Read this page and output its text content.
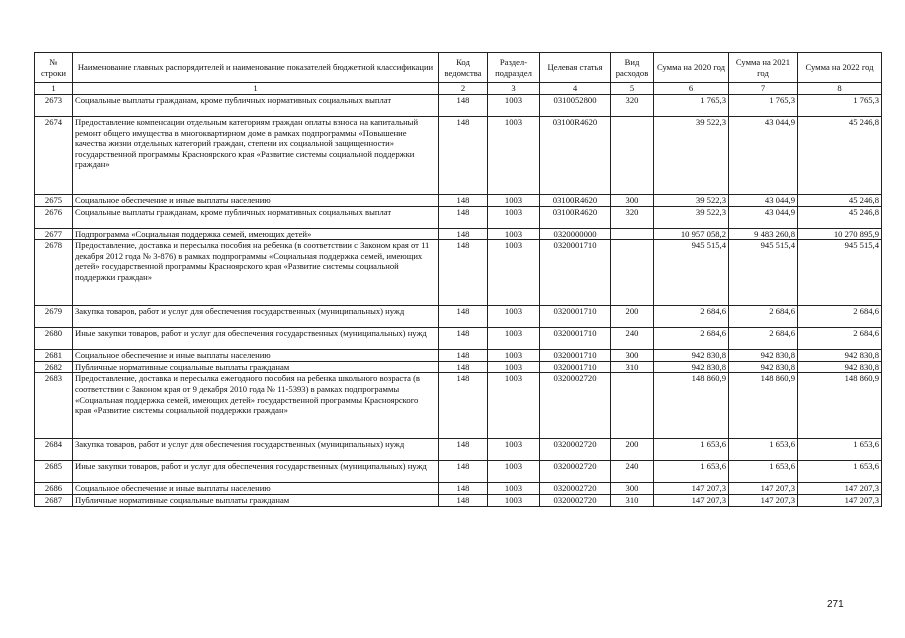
№ строки	Наименование главных распорядителей и наименование показателей бюджетной классификации	Код ведомства	Раздел-подраздел	Целевая статья	Вид расходов	Сумма на 2020 год	Сумма на 2021 год	Сумма на 2022 год
1	1	2	3	4	5	6	7	8
2673	Социальные выплаты гражданам, кроме публичных нормативных социальных выплат	148	1003	0310052800	320	1 765,3	1 765,3	1 765,3
2674	Предоставление компенсации отдельным категориям граждан оплаты взноса на капитальный ремонт общего имущества в многоквартирном доме в рамках подпрограммы «Повышение качества жизни отдельных категорий граждан, степени их социальной защищенности» государственной программы Красноярского края «Развитие системы социальной поддержки граждан»	148	1003	03100R4620		39 522,3	43 044,9	45 246,8
2675	Социальное обеспечение и иные выплаты населению	148	1003	03100R4620	300	39 522,3	43 044,9	45 246,8
2676	Социальные выплаты гражданам, кроме публичных нормативных социальных выплат	148	1003	03100R4620	320	39 522,3	43 044,9	45 246,8
2677	Подпрограмма «Социальная поддержка семей, имеющих детей»	148	1003	0320000000		10 957 058,2	9 483 260,8	10 270 895,9
2678	Предоставление, доставка и пересылка пособия на ребенка (в соответствии с Законом края от 11 декабря 2012 года № 3-876) в рамках подпрограммы «Социальная поддержка семей, имеющих детей» государственной программы Красноярского края «Развитие системы социальной поддержки граждан»	148	1003	0320001710		945 515,4	945 515,4	945 515,4
2679	Закупка товаров, работ и услуг для обеспечения государственных (муниципальных) нужд	148	1003	0320001710	200	2 684,6	2 684,6	2 684,6
2680	Иные закупки товаров, работ и услуг для обеспечения государственных (муниципальных) нужд	148	1003	0320001710	240	2 684,6	2 684,6	2 684,6
2681	Социальное обеспечение и иные выплаты населению	148	1003	0320001710	300	942 830,8	942 830,8	942 830,8
2682	Публичные нормативные социальные выплаты гражданам	148	1003	0320001710	310	942 830,8	942 830,8	942 830,8
2683	Предоставление, доставка и пересылка ежегодного пособия на ребенка школьного возраста (в соответствии с Законом края от 9 декабря 2010 года № 11-5393) в рамках подпрограммы «Социальная поддержка семей, имеющих детей» государственной программы Красноярского края «Развитие системы социальной поддержки граждан»	148	1003	0320002720		148 860,9	148 860,9	148 860,9
2684	Закупка товаров, работ и услуг для обеспечения государственных (муниципальных) нужд	148	1003	0320002720	200	1 653,6	1 653,6	1 653,6
2685	Иные закупки товаров, работ и услуг для обеспечения государственных (муниципальных) нужд	148	1003	0320002720	240	1 653,6	1 653,6	1 653,6
2686	Социальное обеспечение и иные выплаты населению	148	1003	0320002720	300	147 207,3	147 207,3	147 207,3
2687	Публичные нормативные социальные выплаты гражданам	148	1003	0320002720	310	147 207,3	147 207,3	147 207,3
271
